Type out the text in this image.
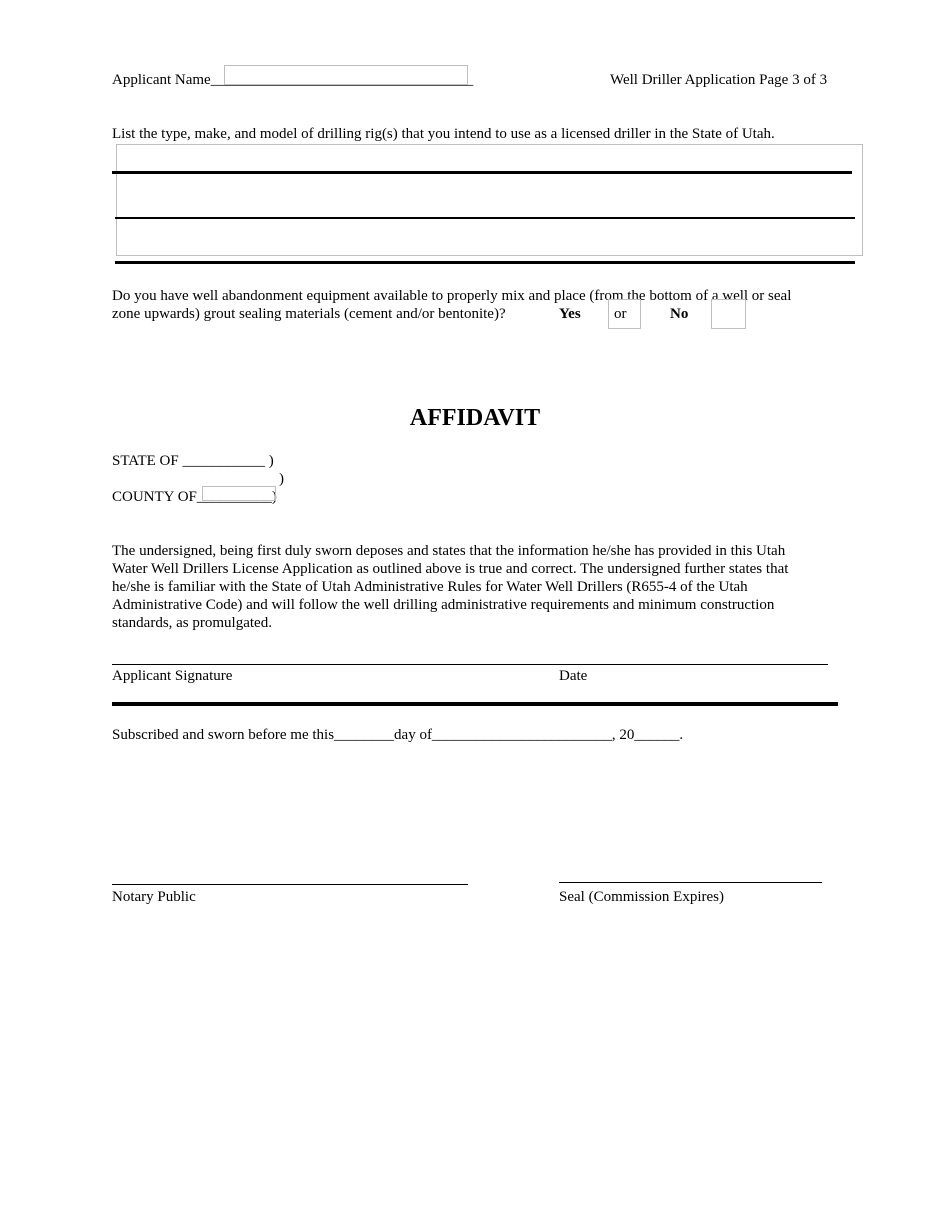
Applicant Name___________________________________	Well Driller Application Page 3 of 3
List the type, make, and model of drilling rig(s) that you intend to use as a licensed driller in the State of Utah.
Do you have well abandonment equipment available to properly mix and place (from the bottom of a well or seal
zone upwards) grout sealing materials (cement and/or bentonite)?	Yes or	No
AFFIDAVIT
STATE OF ___________ )
)
COUNTY OF__________)
The undersigned, being first duly sworn deposes and states that the information he/she has provided in this Utah
Water Well Drillers License Application as outlined above is true and correct. The undersigned further states that
he/she is familiar with the State of Utah Administrative Rules for Water Well Drillers (R655-4 of the Utah
Administrative Code) and will follow the well drilling administrative requirements and minimum construction
standards, as promulgated.
Applicant Signature	Date
Subscribed and sworn before me this________day of________________________, 20______.
Notary Public	Seal (Commission Expires)
